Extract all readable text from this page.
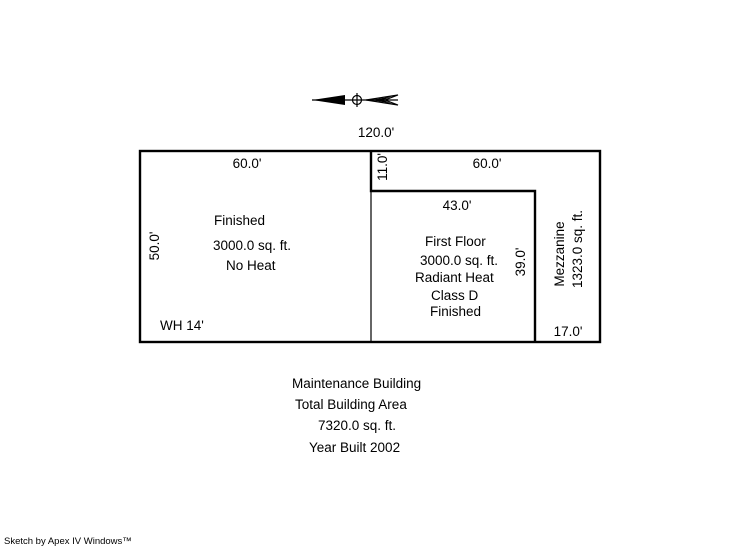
120.0'
60.0'
50.0'
11.0'	60.0'
43.0'
39.0'
17.0'
Finished
3000.0 sq. ft.
No Heat
WH 14'
First Floor
3000.0 sq. ft.
Radiant Heat
Class D
Finished
Mezzanine 1323.0 sq. ft.
Sketch by Apex IV Windows™
Maintenance Building
Total Building Area
7320.0 sq. ft.
Year Built 2002
